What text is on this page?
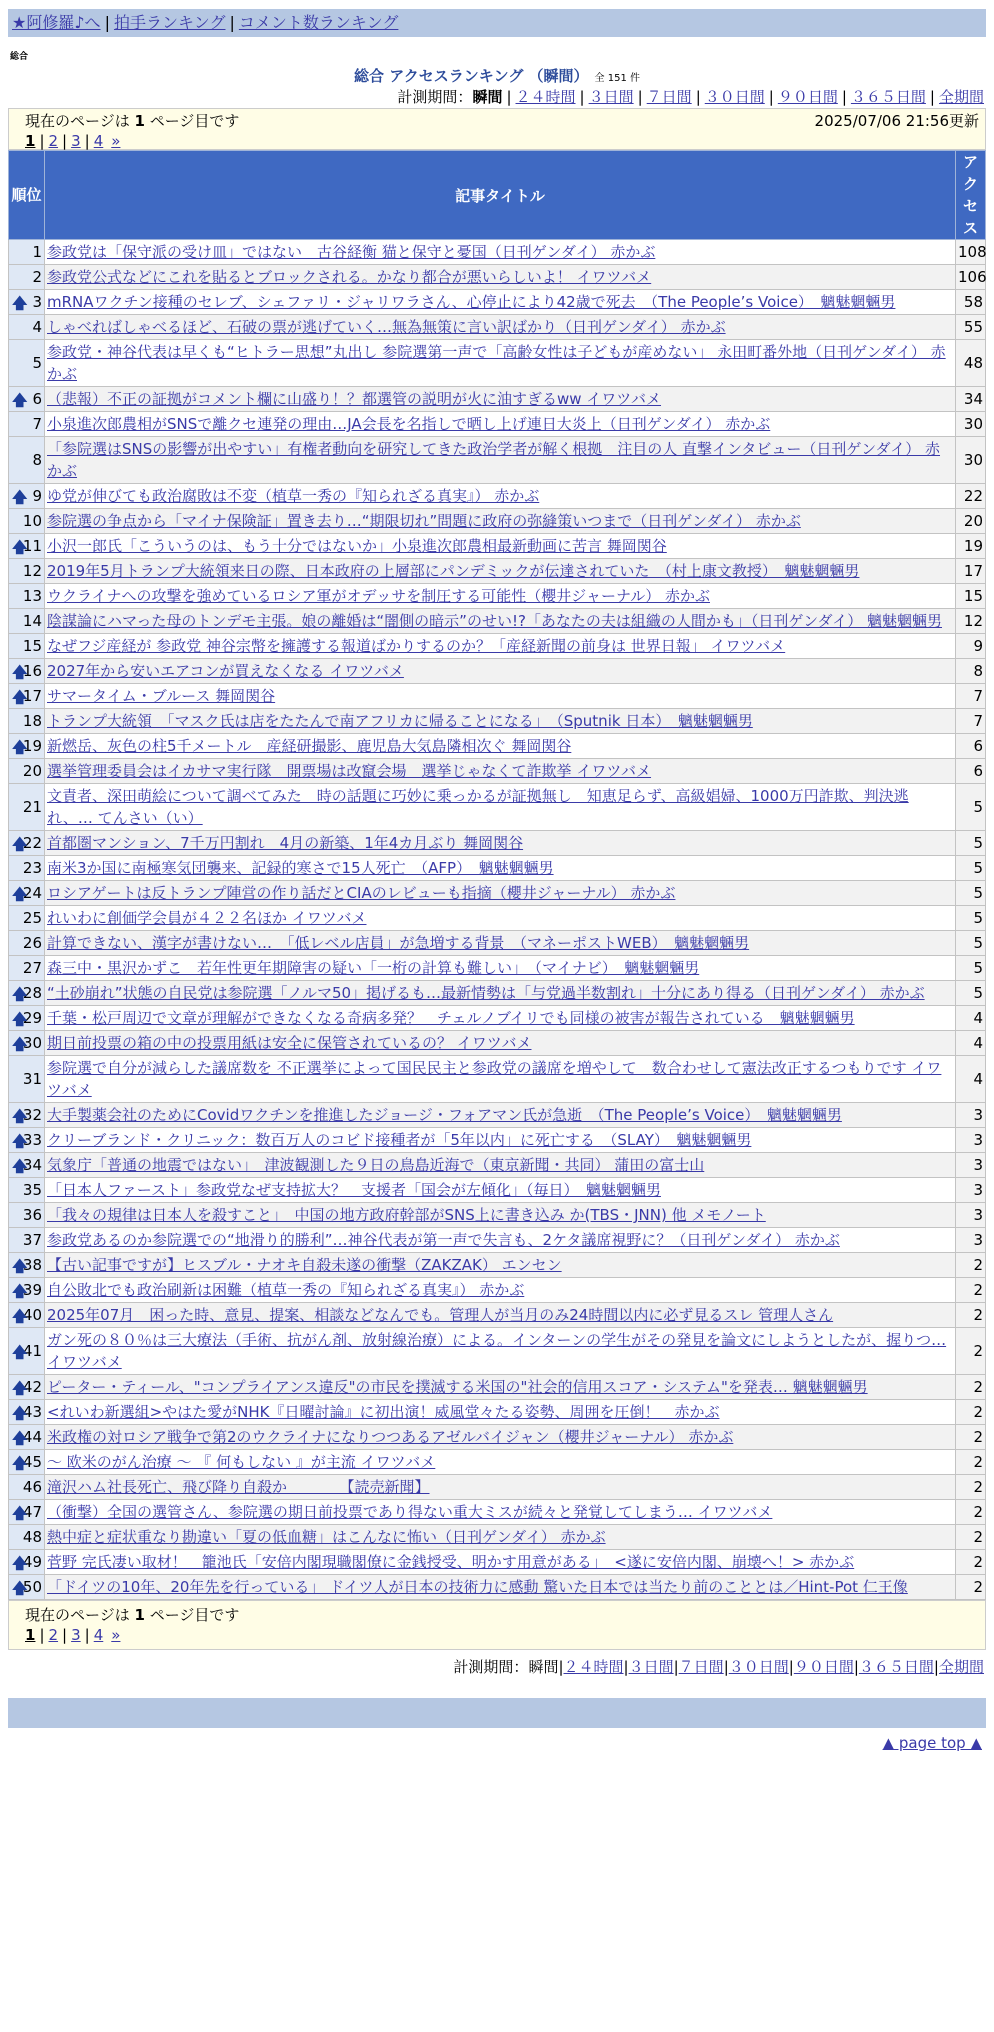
★阿修羅♪へ | 拍手ランキング | コメント数ランキング
総合
総合 アクセスランキング （瞬間） 全 151 件
計測期間：瞬間 | ２４時間 | ３日間 | ７日間 | ３０日間 | ９０日間 | ３６５日間 | 全期間
現在のページは 1 ページ目です	2025/07/06 21:56更新
1 | 2 | 3 | 4 »
順位	記事タイトル	アクセス
1	参政党は「保守派の受け皿」ではない　古谷経衡 猫と保守と憂国（日刊ゲンダイ） 赤かぶ	108
2	参政党公式などにこれを貼るとブロックされる。かなり都合が悪いらしいよ！ イワツバメ	106

🡅 3	mRNAワクチン接種のセレブ、シェファリ・ジャリワラさん、心停止により42歳で死去　（The People’s Voice）　魑魅魍魎男	58
4	しゃべればしゃべるほど、石破の票が逃げていく…無為無策に言い訳ばかり（日刊ゲンダイ） 赤かぶ	55
5	参政党・神谷代表は早くも“ヒトラー思想”丸出し 参院選第一声で「高齢女性は子どもが産めない」 永田町番外地（日刊ゲンダイ） 赤かぶ	48

🡅 6	（悲報）不正の証拠がコメント欄に山盛り！？都選管の説明が火に油すぎるww イワツバメ	34
7	小泉進次郎農相がSNSで離クセ連発の理由…JA会長を名指しで晒し上げ連日大炎上（日刊ゲンダイ） 赤かぶ	30
8	「参院選はSNSの影響が出やすい」有権者動向を研究してきた政治学者が解く根拠　注目の人 直撃インタビュー（日刊ゲンダイ） 赤かぶ	30

🡅 9	ゆ党が伸びても政治腐敗は不変（植草一秀の『知られざる真実』） 赤かぶ	22
10	参院選の争点から「マイナ保険証」置き去り…“期限切れ”問題に政府の弥縫策いつまで（日刊ゲンダイ） 赤かぶ	20

🡅
11	小沢一郎氏「こういうのは、もう十分ではないか」小泉進次郎農相最新動画に苦言 舞岡関谷	19
12	2019年5月トランプ大統領来日の際、日本政府の上層部にパンデミックが伝達されていた　（村上康文教授）　魑魅魍魎男	17
13	ウクライナへの攻撃を強めているロシア軍がオデッサを制圧する可能性（櫻井ジャーナル） 赤かぶ	15
14	陰謀論にハマった母のトンデモ主張。娘の離婚は“闇側の暗示”のせい!?「あなたの夫は組織の人間かも」（日刊ゲンダイ） 魑魅魍魎男	12
15	なぜフジ産経が 参政党 神谷宗幣を擁護する報道ばかりするのか？「産経新聞の前身は 世界日報」 イワツバメ	9

🡅
16	2027年から安いエアコンが買えなくなる イワツバメ	8

🡅
17	サマータイム・ブルース 舞岡関谷	7
18	トランプ大統領　「マスク氏は店をたたんで南アフリカに帰ることになる」　（Sputnik 日本）　魑魅魍魎男	7

🡅
19	新燃岳、灰色の柱5千メートル　産経研撮影、鹿児島大気島隣相次ぐ 舞岡関谷	6
20	選挙管理委員会はイカサマ実行隊　開票場は改竄会場　選挙じゃなくて詐欺挙 イワツバメ	6
21	文責者、深田萌絵について調べてみた　時の話題に巧妙に乗っかるが証拠無し　知恵足らず、高級娼婦、1000万円詐欺、判決逃れ、… てんさい（い）	5

🡅
22	首都圏マンション、7千万円割れ　4月の新築、1年4カ月ぶり 舞岡関谷	5
23	南米3か国に南極寒気団襲来、記録的寒さで15人死亡　（AFP）　魑魅魍魎男	5

🡅
24	ロシアゲートは反トランプ陣営の作り話だとCIAのレビューも指摘（櫻井ジャーナル） 赤かぶ	5
25	れいわに創価学会員が４２２名ほか イワツバメ	5
26	計算できない、漢字が書けない…　「低レベル店員」が急増する背景　（マネーポストWEB）　魑魅魍魎男	5
27	森三中・黒沢かずこ　若年性更年期障害の疑い「一桁の計算も難しい」　（マイナビ）　魑魅魍魎男	5

🡅
28	“土砂崩れ”状態の自民党は参院選「ノルマ50」掲げるも…最新情勢は「与党過半数割れ」十分にあり得る（日刊ゲンダイ） 赤かぶ	5

🡅
29	千葉・松戸周辺で文章が理解ができなくなる奇病多発？　チェルノブイリでも同様の被害が報告されている　魑魅魍魎男	4

🡅
30	期日前投票の箱の中の投票用紙は安全に保管されているの？ イワツバメ	4
31	参院選で自分が減らした議席数を 不正選挙によって国民民主と参政党の議席を増やして　数合わせして憲法改正するつもりです イワツバメ	4

🡅
32	大手製薬会社のためにCovidワクチンを推進したジョージ・フォアマン氏が急逝　（The People’s Voice）　魑魅魍魎男	3

🡅
33	クリーブランド・クリニック：数百万人のコビド接種者が「5年以内」に死亡する　（SLAY）　魑魅魍魎男	3

🡅
34	気象庁「普通の地震ではない」　津波観測した９日の鳥島近海で（東京新聞・共同） 蒲田の富士山	3
35	「日本人ファースト」参政党なぜ支持拡大？　支援者「国会が左傾化」（毎日）　魑魅魍魎男	3
36	「我々の規律は日本人を殺すこと」　中国の地方政府幹部がSNS上に書き込み か(TBS・JNN) 他 メモノート	3
37	参政党あるのか参院選での“地滑り的勝利”…神谷代表が第一声で失言も、2ケタ議席視野に？（日刊ゲンダイ） 赤かぶ	3

🡅
38	【古い記事ですが】ヒスブル・ナオキ自殺未遂の衝撃（ZAKZAK） エンセン	2

🡅
39	自公敗北でも政治刷新は困難（植草一秀の『知られざる真実』） 赤かぶ	2

🡅
40	2025年07月　困った時、意見、提案、相談などなんでも。管理人が当月のみ24時間以内に必ず見るスレ 管理人さん	2

🡅
41	ガン死の８０％は三大療法（手術、抗がん剤、放射線治療）による。インターンの学生がその発見を論文にしようとしたが、握りつ… イワツバメ	2

🡅
42	ピーター・ティール、"コンプライアンス違反"の市民を撲滅する米国の"社会的信用スコア・システム"を発表… 魑魅魍魎男	2

🡅
43	<れいわ新選組>やはた愛がNHK『日曜討論』に初出演！威風堂々たる姿勢、周囲を圧倒！　赤かぶ	2

🡅
44	米政権の対ロシア戦争で第2のウクライナになりつつあるアゼルバイジャン（櫻井ジャーナル） 赤かぶ	2

🡅
45	～ 欧米のがん治療 ～ 『 何もしない 』が主流 イワツバメ	2
46	滝沢ハム社長死亡、飛び降り自殺か　　　　【読売新聞】	2

🡅
47	（衝撃）全国の選管さん、参院選の期日前投票であり得ない重大ミスが続々と発覚してしまう… イワツバメ	2
48	熱中症と症状重なり勘違い「夏の低血糖」はこんなに怖い（日刊ゲンダイ） 赤かぶ	2

🡅
49	菅野 完氏凄い取材！　籠池氏「安倍内閣現職閣僚に金銭授受、明かす用意がある」　<遂に安倍内閣、崩壊へ！> 赤かぶ	2

🡅
50	「ドイツの10年、20年先を行っている」 ドイツ人が日本の技術力に感動 驚いた日本では当たり前のこととは／Hint-Pot 仁王像	2
現在のページは 1 ページ目です
1 | 2 | 3 | 4 »
計測期間：瞬間|２４時間|３日間|７日間|３０日間|９０日間|３６５日間|全期間
▲ page top ▲
